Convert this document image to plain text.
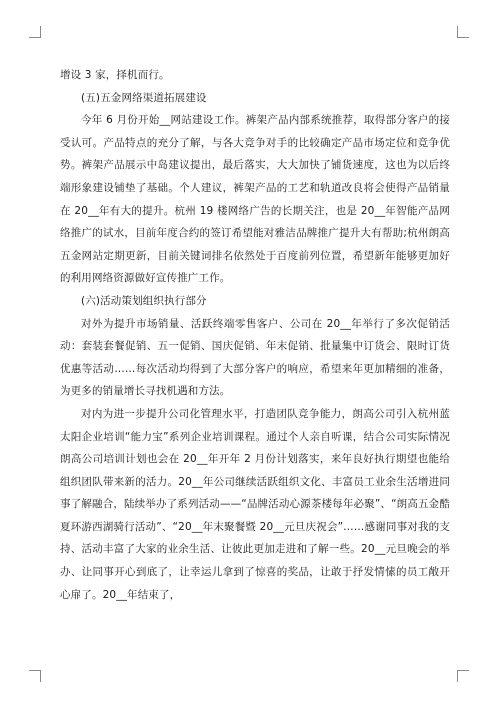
增设 3 家，择机而行。

(五)五金网络渠道拓展建设

今年 6 月份开始__网站建设工作。裤架产品内部系统推荐，取得部分客户的接受认可。产品特点的充分了解，与各大竞争对手的比较确定产品市场定位和竞争优势。裤架产品展示中岛建议提出，最后落实，大大加快了铺货速度，这也为以后终端形象建设铺垫了基础。个人建议，裤架产品的工艺和轨道改良将会使得产品销量在 20__年有大的提升。杭州 19 楼网络广告的长期关注，也是 20__年智能产品网络推广的试水，目前年度合约的签订希望能对雅洁品牌推广提升大有帮助;杭州朗高五金网站定期更新，目前关键词排名依然处于百度前列位置，希望新年能够更加好的利用网络资源做好宣传推广工作。

(六)活动策划组织执行部分

对外为提升市场销量、活跃终端零售客户、公司在 20__年举行了多次促销活动：套装套餐促销、五一促销、国庆促销、年末促销、批量集中订货会、限时订货优惠等活动……每次活动均得到了大部分客户的响应，希望来年更加精细的准备，为更多的销量增长寻找机遇和方法。

对内为进一步提升公司化管理水平，打造团队竞争能力，朗高公司引入杭州蓝太阳企业培训“能力宝”系列企业培训课程。通过个人亲自听课，结合公司实际情况朗高公司培训计划也会在 20__年开年 2 月份计划落实，来年良好执行期望也能给组织团队带来新的活力。20__年公司继续活跃组织文化、丰富员工业余生活增进同事了解融合，陆续举办了系列活动——“品牌活动心源茶楼每年必聚”、“朗高五金酷夏环游西湖骑行活动”、“20__年末聚餐暨 20__元旦庆祝会”……感谢同事对我的支持、活动丰富了大家的业余生活、让彼此更加走进和了解一些。20__元旦晚会的举办、让同事开心到底了，让幸运儿拿到了惊喜的奖品，让敢于抒发情愫的员工敞开心扉了。20__年结束了，
